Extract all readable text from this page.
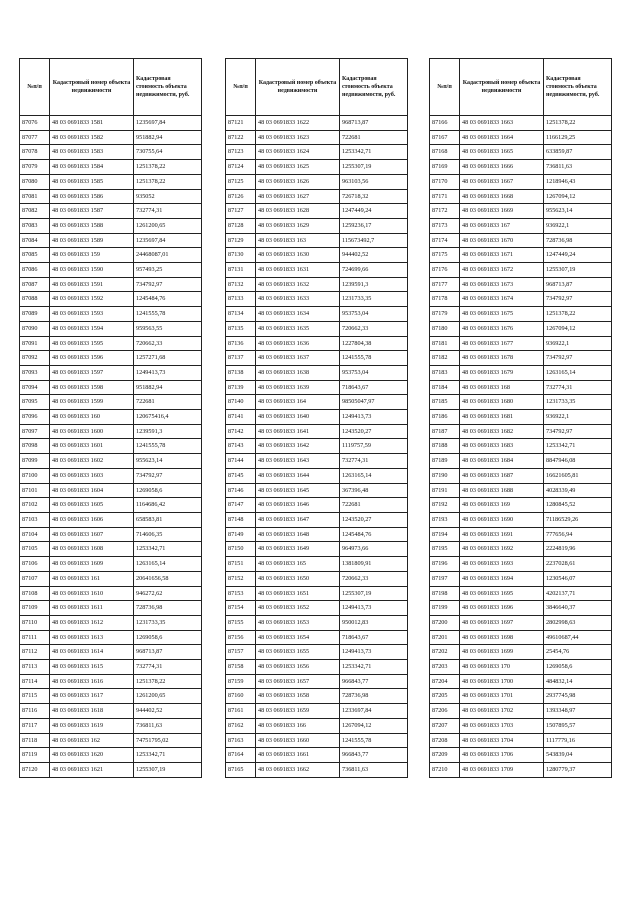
№п/п	Кадастровый номер объекта недвижимости	Кадастровая стоимость объекта недвижимости, руб.
87076	48 03 0691833 1581	1235697,84
87077	48 03 0691833 1582	951882,94
87078	48 03 0691833 1583	730755,64
87079	48 03 0691833 1584	1251378,22
87080	48 03 0691833 1585	1251378,22
87081	48 03 0691833 1586	935052
87082	48 03 0691833 1587	732774,31
87083	48 03 0691833 1588	1261200,65
87084	48 03 0691833 1589	1235697,84
87085	48 03 0691833 159	24468087,01
87086	48 03 0691833 1590	957493,25
87087	48 03 0691833 1591	734792,97
87088	48 03 0691833 1592	1245484,76
87089	48 03 0691833 1593	1241555,78
87090	48 03 0691833 1594	959563,55
87091	48 03 0691833 1595	720662,33
87092	48 03 0691833 1596	1257271,68
87093	48 03 0691833 1597	1249413,73
87094	48 03 0691833 1598	951882,94
87095	48 03 0691833 1599	722681
87096	48 03 0691833 160	120675416,4
87097	48 03 0691833 1600	1239591,3
87098	48 03 0691833 1601	1241555,78
87099	48 03 0691833 1602	955623,14
87100	48 03 0691833 1603	734792,97
87101	48 03 0691833 1604	1269058,6
87102	48 03 0691833 1605	1164686,42
87103	48 03 0691833 1606	658583,81
87104	48 03 0691833 1607	714606,35
87105	48 03 0691833 1608	1253342,71
87106	48 03 0691833 1609	1263165,14
87107	48 03 0691833 161	20641656,58
87108	48 03 0691833 1610	946272,62
87109	48 03 0691833 1611	728736,98
87110	48 03 0691833 1612	1231733,35
87111	48 03 0691833 1613	1269058,6
87112	48 03 0691833 1614	968713,87
87113	48 03 0691833 1615	732774,31
87114	48 03 0691833 1616	1251378,22
87115	48 03 0691833 1617	1261200,65
87116	48 03 0691833 1618	944402,52
87117	48 03 0691833 1619	736811,63
87118	48 03 0691833 162	74751795,02
87119	48 03 0691833 1620	1253342,71
87120	48 03 0691833 1621	1255307,19
№п/п	Кадастровый номер объекта недвижимости	Кадастровая стоимость объекта недвижимости, руб.
87121	48 03 0691833 1622	968713,87
87122	48 03 0691833 1623	722681
87123	48 03 0691833 1624	1253342,71
87124	48 03 0691833 1625	1255307,19
87125	48 03 0691833 1626	963103,56
87126	48 03 0691833 1627	726718,32
87127	48 03 0691833 1628	1247449,24
87128	48 03 0691833 1629	1259236,17
87129	48 03 0691833 163	115673492,7
87130	48 03 0691833 1630	944402,52
87131	48 03 0691833 1631	724699,66
87132	48 03 0691833 1632	1239591,3
87133	48 03 0691833 1633	1231733,35
87134	48 03 0691833 1634	953753,04
87135	48 03 0691833 1635	720662,33
87136	48 03 0691833 1636	1227804,38
87137	48 03 0691833 1637	1241555,78
87138	48 03 0691833 1638	953753,04
87139	48 03 0691833 1639	718643,67
87140	48 03 0691833 164	98505047,97
87141	48 03 0691833 1640	1249413,73
87142	48 03 0691833 1641	1243520,27
87143	48 03 0691833 1642	1119757,59
87144	48 03 0691833 1643	732774,31
87145	48 03 0691833 1644	1263165,14
87146	48 03 0691833 1645	367396,48
87147	48 03 0691833 1646	722681
87148	48 03 0691833 1647	1243520,27
87149	48 03 0691833 1648	1245484,76
87150	48 03 0691833 1649	964973,66
87151	48 03 0691833 165	1381809,91
87152	48 03 0691833 1650	720662,33
87153	48 03 0691833 1651	1255307,19
87154	48 03 0691833 1652	1249413,73
87155	48 03 0691833 1653	950012,83
87156	48 03 0691833 1654	718643,67
87157	48 03 0691833 1655	1249413,73
87158	48 03 0691833 1656	1253342,71
87159	48 03 0691833 1657	966843,77
87160	48 03 0691833 1658	728736,98
87161	48 03 0691833 1659	1233697,84
87162	48 03 0691833 166	1267094,12
87163	48 03 0691833 1660	1241555,78
87164	48 03 0691833 1661	966843,77
87165	48 03 0691833 1662	736811,63
№п/п	Кадастровый номер объекта недвижимости	Кадастровая стоимость объекта недвижимости, руб.
87166	48 03 0691833 1663	1251378,22
87167	48 03 0691833 1664	1166129,25
87168	48 03 0691833 1665	633859,87
87169	48 03 0691833 1666	736811,63
87170	48 03 0691833 1667	1218946,43
87171	48 03 0691833 1668	1267094,12
87172	48 03 0691833 1669	955623,14
87173	48 03 0691833 167	936922,1
87174	48 03 0691833 1670	728736,98
87175	48 03 0691833 1671	1247449,24
87176	48 03 0691833 1672	1255307,19
87177	48 03 0691833 1673	968713,87
87178	48 03 0691833 1674	734792,97
87179	48 03 0691833 1675	1251378,22
87180	48 03 0691833 1676	1267094,12
87181	48 03 0691833 1677	936922,1
87182	48 03 0691833 1678	734792,97
87183	48 03 0691833 1679	1263165,14
87184	48 03 0691833 168	732774,31
87185	48 03 0691833 1680	1231733,35
87186	48 03 0691833 1681	936922,1
87187	48 03 0691833 1682	734792,97
87188	48 03 0691833 1683	1253342,71
87189	48 03 0691833 1684	8847946,08
87190	48 03 0691833 1687	16621605,81
87191	48 03 0691833 1688	4028339,49
87192	48 03 0691833 169	1280845,52
87193	48 03 0691833 1690	71186529,26
87194	48 03 0691833 1691	777656,94
87195	48 03 0691833 1692	2224819,96
87196	48 03 0691833 1693	2237028,61
87197	48 03 0691833 1694	1230546,07
87198	48 03 0691833 1695	4202137,71
87199	48 03 0691833 1696	3846640,37
87200	48 03 0691833 1697	2802998,63
87201	48 03 0691833 1698	49610687,44
87202	48 03 0691833 1699	25454,76
87203	48 03 0691833 170	1269058,6
87204	48 03 0691833 1700	484832,14
87205	48 03 0691833 1701	2937745,98
87206	48 03 0691833 1702	1393348,97
87207	48 03 0691833 1703	1507895,57
87208	48 03 0691833 1704	1117779,16
87209	48 03 0691833 1706	543839,04
87210	48 03 0691833 1709	1280779,37
